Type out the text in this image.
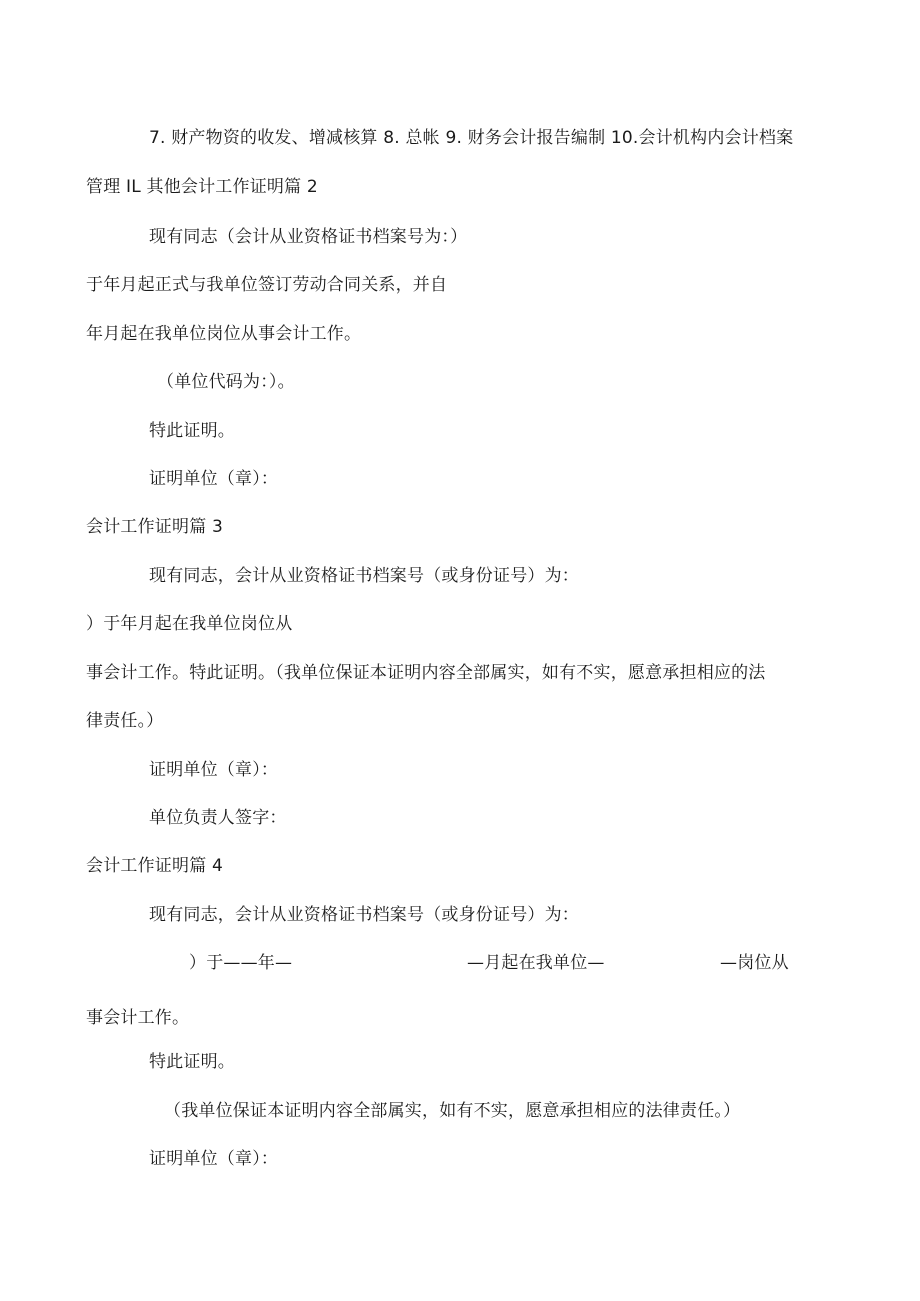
7. 财产物资的收发、增减核算 8. 总帐 9. 财务会计报告编制 10.会计机构内会计档案
管理 IL 其他会计工作证明篇 2
现有同志（会计从业资格证书档案号为：）
于年月起正式与我单位签订劳动合同关系，并自
年月起在我单位岗位从事会计工作。
（单位代码为：）。
特此证明。
证明单位（章）：
会计工作证明篇 3
现有同志，会计从业资格证书档案号（或身份证号）为：
）于年月起在我单位岗位从
事会计工作。特此证明。（我单位保证本证明内容全部属实，如有不实，愿意承担相应的法
律责任。）
证明单位（章）：
单位负责人签字：
会计工作证明篇 4
现有同志，会计从业资格证书档案号（或身份证号）为：
）于——年—	—月起在我单位—	—岗位从
事会计工作。
特此证明。
（我单位保证本证明内容全部属实，如有不实，愿意承担相应的法律责任。）
证明单位（章）：
